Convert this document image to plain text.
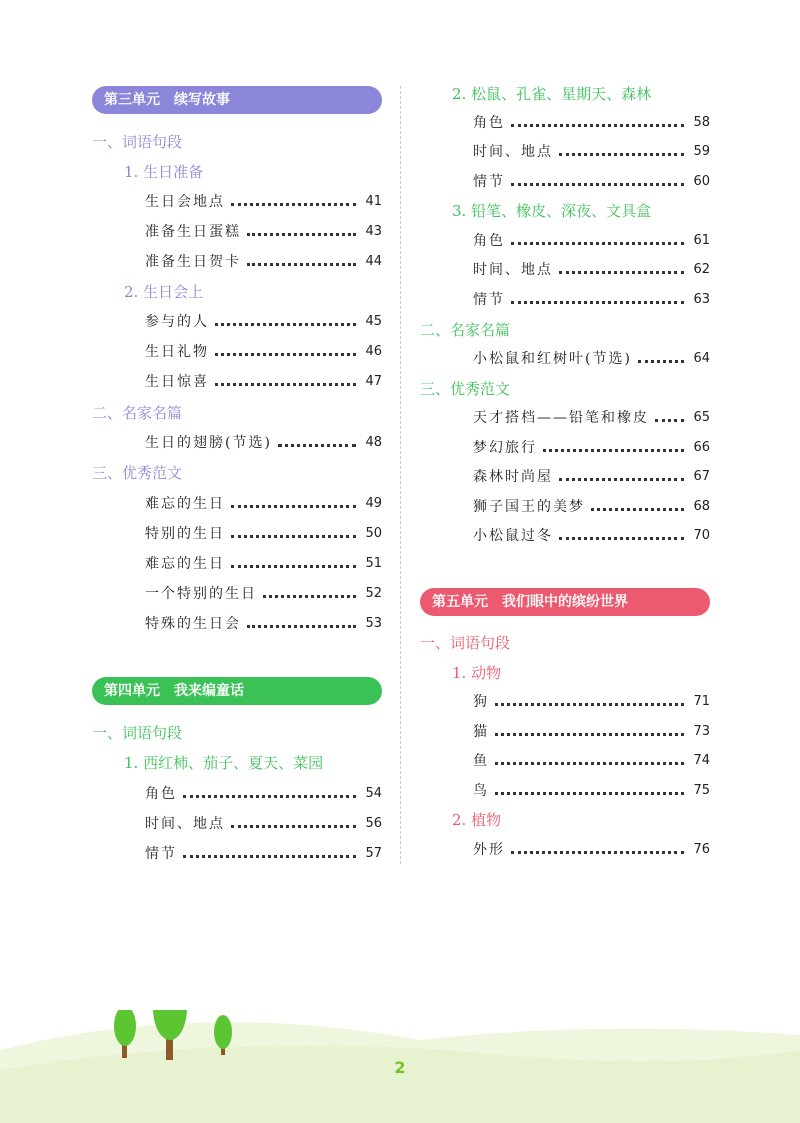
第三单元　续写故事
一、词语句段
1. 生日准备
生日会地点	41
准备生日蛋糕	43
准备生日贺卡	44
2. 生日会上
参与的人	45
生日礼物	46
生日惊喜	47
二、名家名篇
生日的翅膀(节选)	48
三、优秀范文
难忘的生日	49
特别的生日	50
难忘的生日	51
一个特别的生日	52
特殊的生日会	53
第四单元　我来编童话
一、词语句段
1. 西红柿、茄子、夏天、菜园
角色	54
时间、地点	56
情节	57
2. 松鼠、孔雀、星期天、森林
角色	58
时间、地点	59
情节	60
3. 铅笔、橡皮、深夜、文具盒
角色	61
时间、地点	62
情节	63
二、名家名篇
小松鼠和红树叶(节选)	64
三、优秀范文
天才搭档——铅笔和橡皮	65
梦幻旅行	66
森林时尚屋	67
狮子国王的美梦	68
小松鼠过冬	70
第五单元　我们眼中的缤纷世界
一、词语句段
1. 动物
狗	71
猫	73
鱼	74
鸟	75
2. 植物
外形	76
2
